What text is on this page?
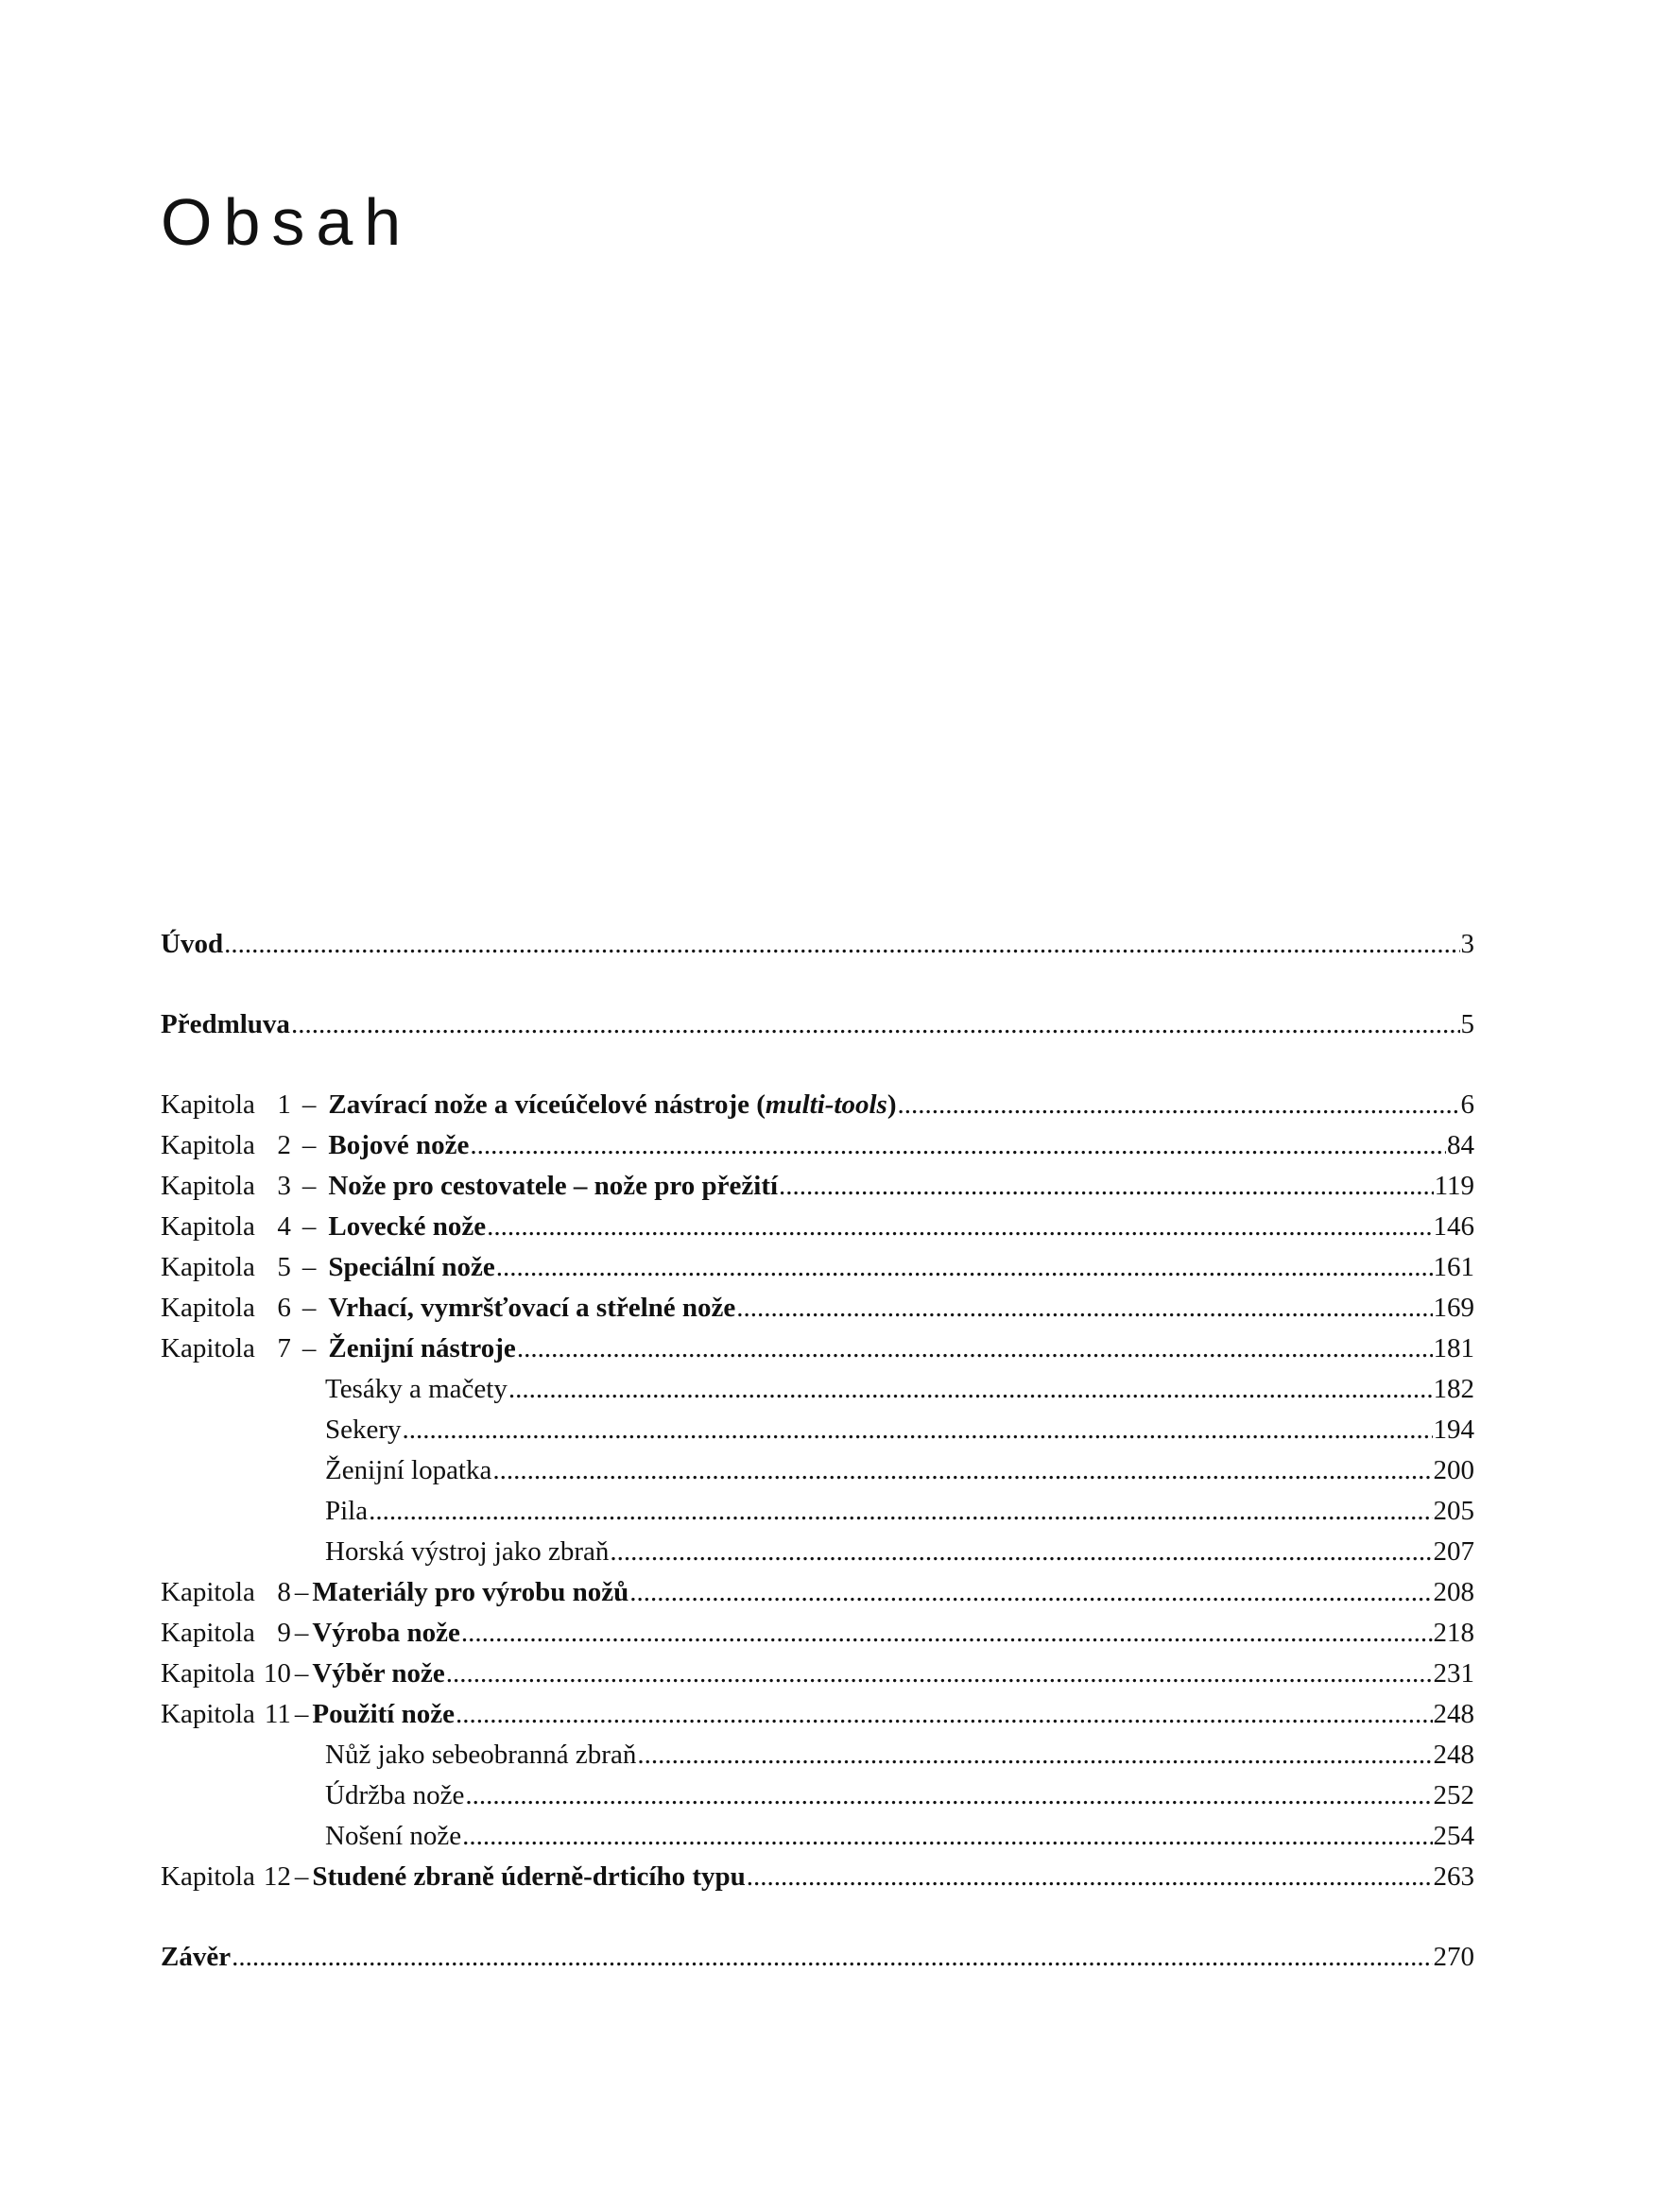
Obsah
Úvod .....	3
Předmluva .....	5
Kapitola 1 – Zavírací nože a víceúčelové nástroje (multi-tools) .....	6
Kapitola 2 – Bojové nože .....	84
Kapitola 3 – Nože pro cestovatele – nože pro přežití .....	119
Kapitola 4 – Lovecké nože .....	146
Kapitola 5 – Speciální nože .....	161
Kapitola 6 – Vrhací, vymršťovací a střelné nože .....	169
Kapitola 7 – Ženijní nástroje .....	181
Tesáky a mačety .....	182
Sekery .....	194
Ženijní lopatka .....	200
Pila .....	205
Horská výstroj jako zbraň .....	207
Kapitola 8 – Materiály pro výrobu nožů .....	208
Kapitola 9 – Výroba nože .....	218
Kapitola 10 – Výběr nože .....	231
Kapitola 11 – Použití nože .....	248
Nůž jako sebeobranná zbraň .....	248
Údržba nože .....	252
Nošení nože .....	254
Kapitola 12 – Studené zbraně úderně-drticího typu .....	263
Závěr .....	270
